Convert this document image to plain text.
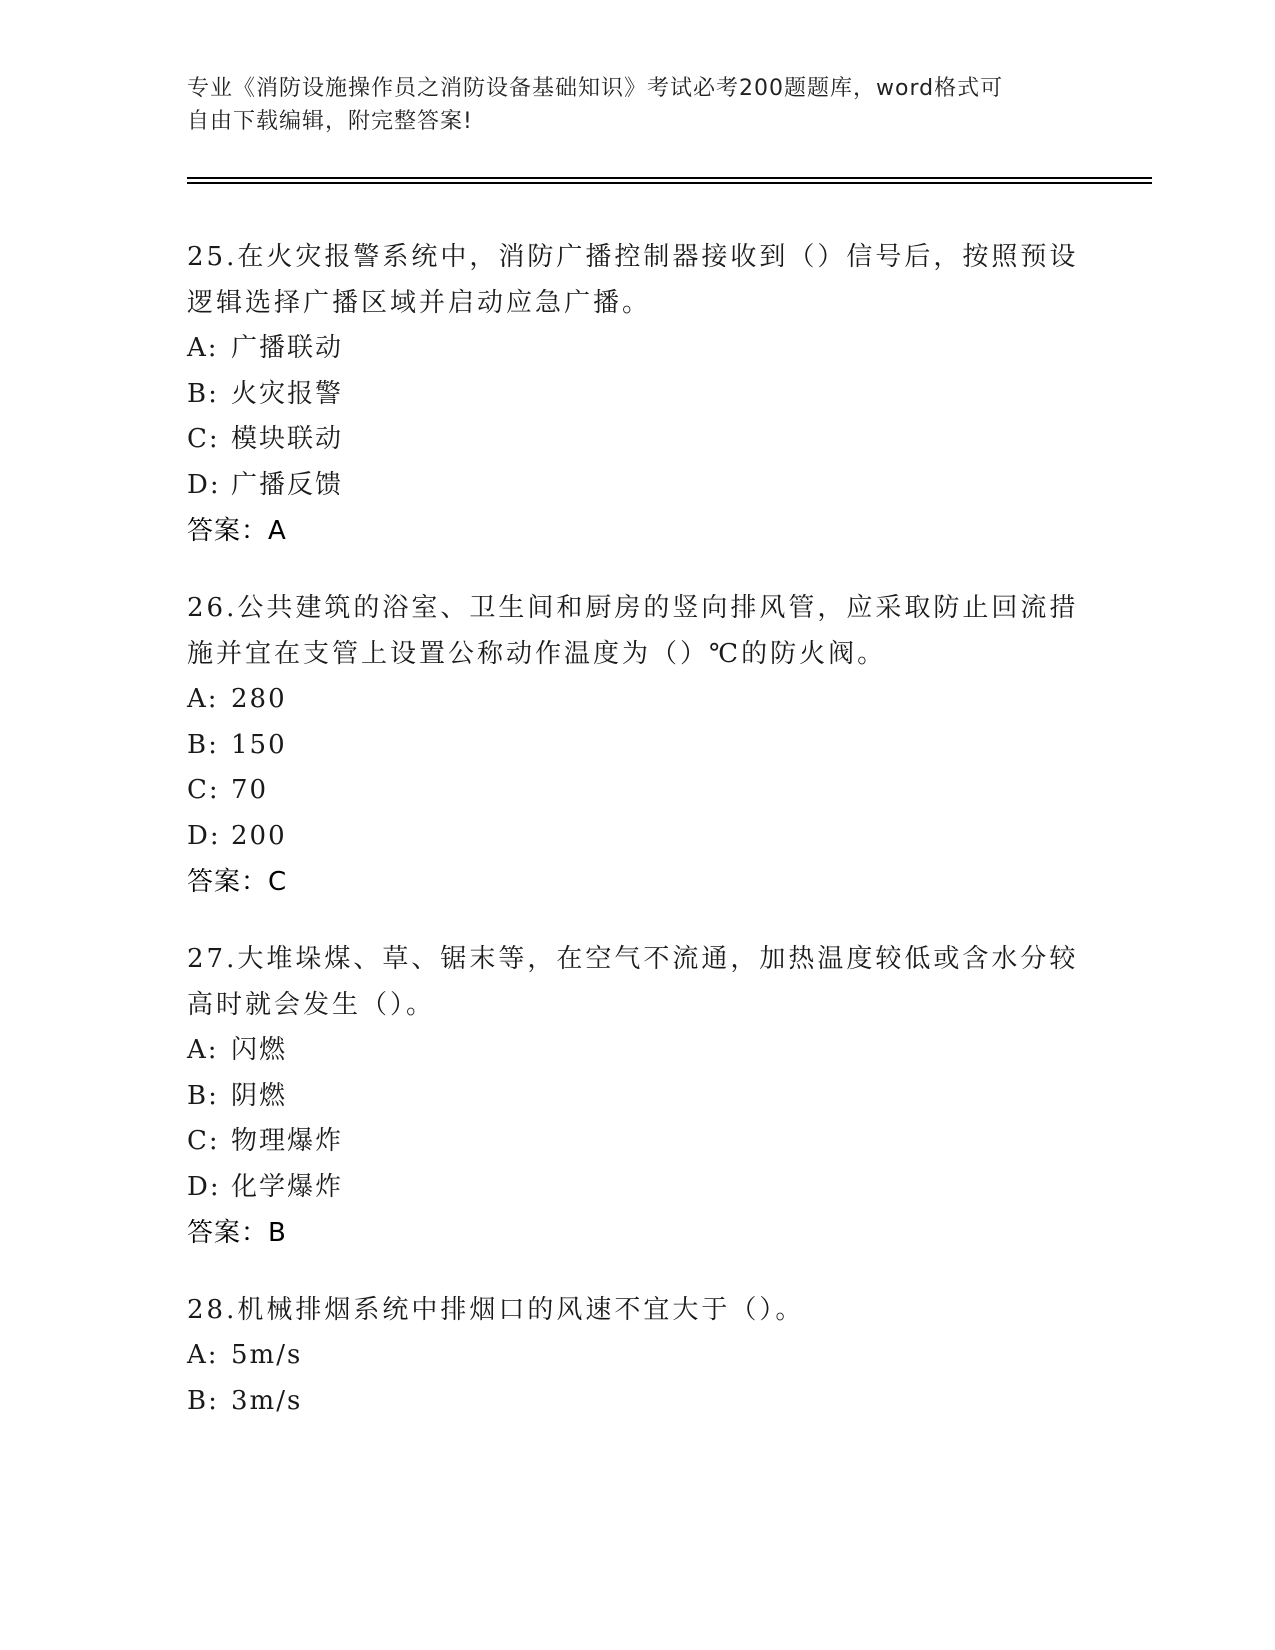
专业《消防设施操作员之消防设备基础知识》考试必考200题题库，word格式可
自由下载编辑，附完整答案!
25.在火灾报警系统中，消防广播控制器接收到（）信号后，按照预设逻辑选择广播区域并启动应急广播。
A: 广播联动
B: 火灾报警
C: 模块联动
D: 广播反馈
答案：A
26.公共建筑的浴室、卫生间和厨房的竖向排风管，应采取防止回流措施并宜在支管上设置公称动作温度为（）℃的防火阀。
A: 280
B: 150
C: 70
D: 200
答案：C
27.大堆垛煤、草、锯末等，在空气不流通，加热温度较低或含水分较高时就会发生（）。
A: 闪燃
B: 阴燃
C: 物理爆炸
D: 化学爆炸
答案：B
28.机械排烟系统中排烟口的风速不宜大于（）。
A: 5m/s
B: 3m/s
